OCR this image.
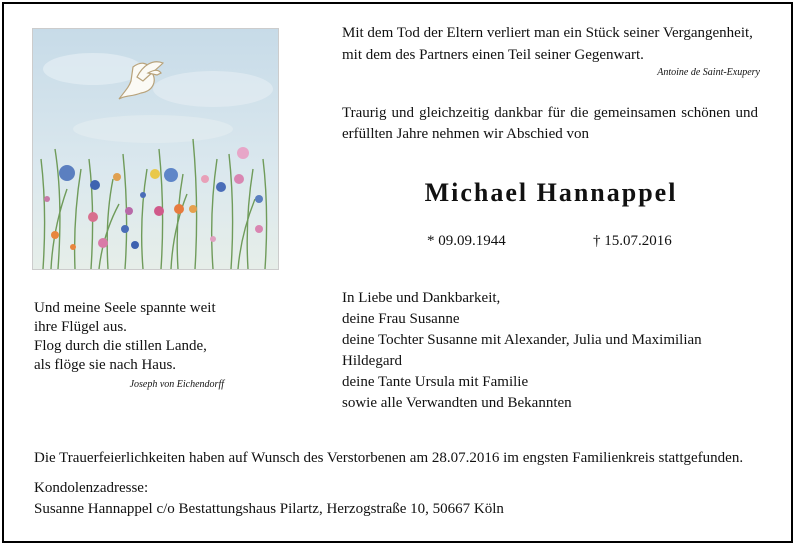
Mit dem Tod der Eltern verliert man ein Stück seiner Vergangenheit,
mit dem des Partners einen Teil seiner Gegenwart.
Antoine de Saint-Exupery
Traurig und gleichzeitig dankbar für die gemeinsamen schönen und erfüllten Jahre nehmen wir Abschied von
Michael Hannappel
* 09.09.1944	† 15.07.2016
Und meine Seele spannte weit
ihre Flügel aus.
Flog durch die stillen Lande,
als flöge sie nach Haus.
Joseph von Eichendorff
In Liebe und Dankbarkeit,
deine Frau Susanne
deine Tochter Susanne mit Alexander, Julia und Maximilian
Hildegard
deine Tante Ursula mit Familie
sowie alle Verwandten und Bekannten
Die Trauerfeierlichkeiten haben auf Wunsch des Verstorbenen am 28.07.2016 im engsten Familienkreis stattgefunden.
Kondolenzadresse:
Susanne Hannappel c/o Bestattungshaus Pilartz, Herzogstraße 10, 50667 Köln
